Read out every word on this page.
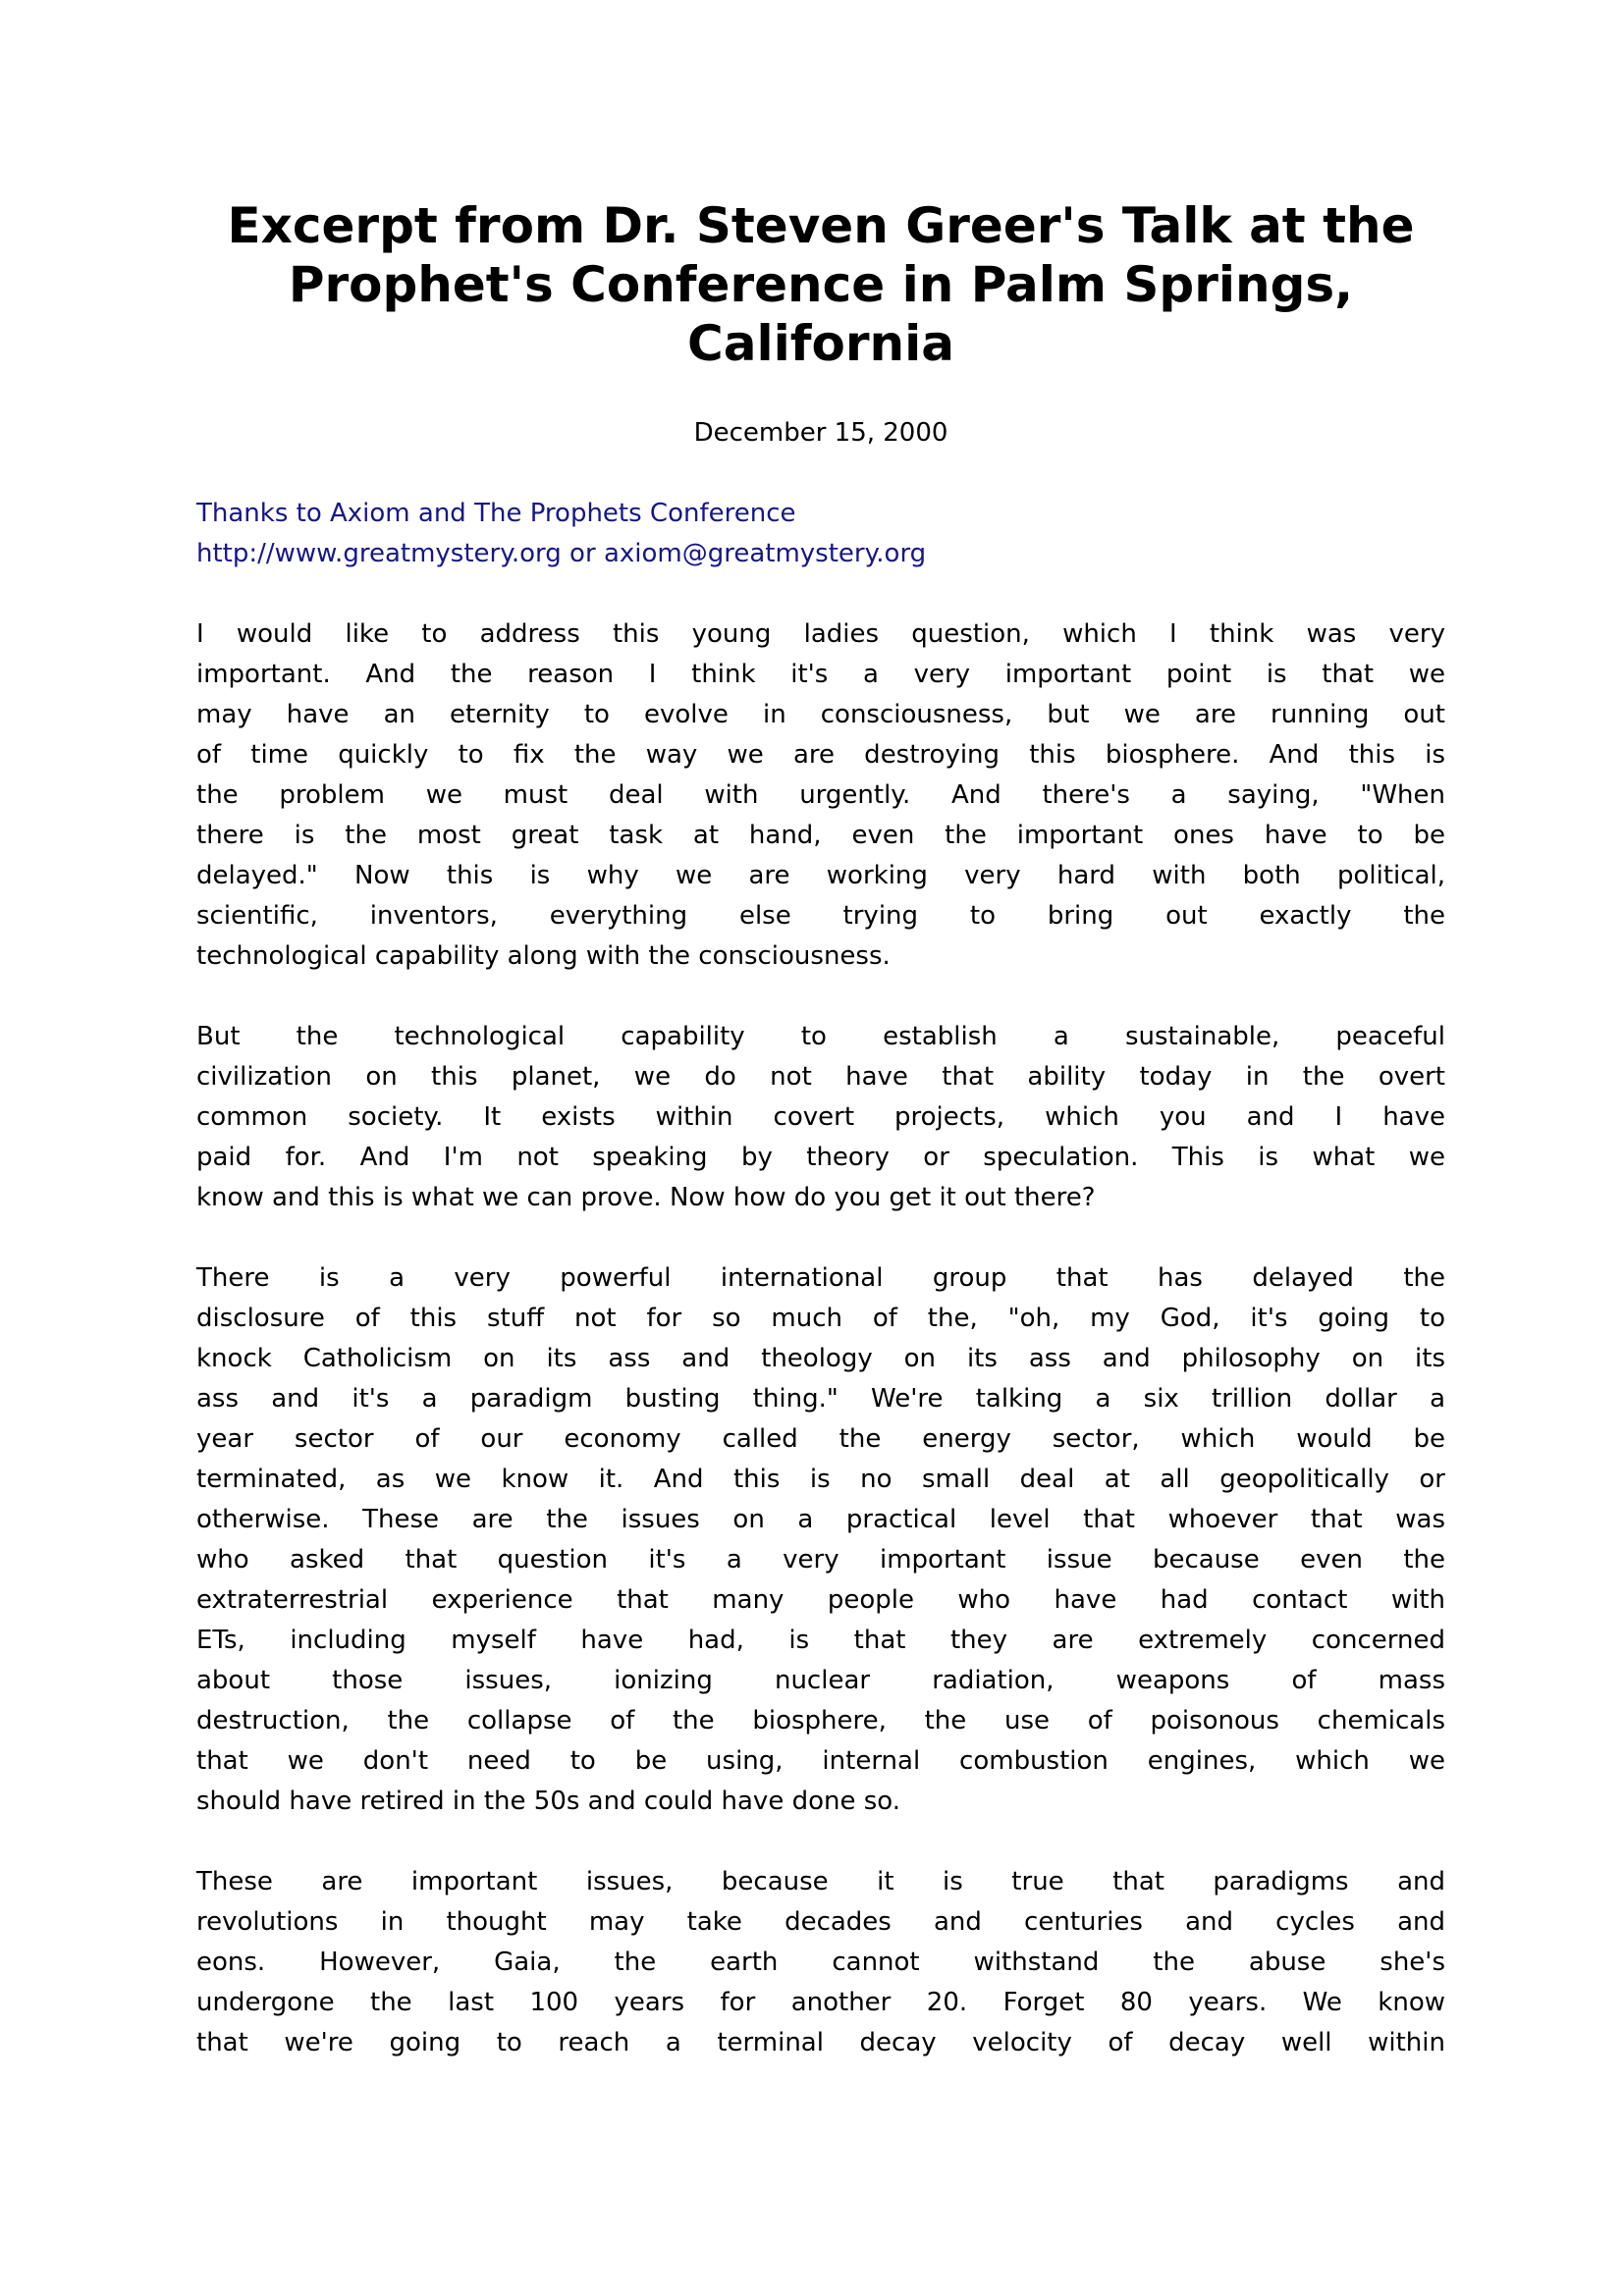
Excerpt from Dr. Steven Greer's Talk at the
Prophet's Conference in Palm Springs,
California
December 15, 2000
Thanks to Axiom and The Prophets Conference
http://www.greatmystery.org or axiom@greatmystery.org
I would like to address this young ladies question, which I think was very
important. And the reason I think it's a very important point is that we
may have an eternity to evolve in consciousness, but we are running out
of time quickly to fix the way we are destroying this biosphere. And this is
the problem we must deal with urgently. And there's a saying, "When
there is the most great task at hand, even the important ones have to be
delayed." Now this is why we are working very hard with both political,
scientific, inventors, everything else trying to bring out exactly the
technological capability along with the consciousness.
But the technological capability to establish a sustainable, peaceful
civilization on this planet, we do not have that ability today in the overt
common society. It exists within covert projects, which you and I have
paid for. And I'm not speaking by theory or speculation. This is what we
know and this is what we can prove. Now how do you get it out there?
There is a very powerful international group that has delayed the
disclosure of this stuff not for so much of the, "oh, my God, it's going to
knock Catholicism on its ass and theology on its ass and philosophy on its
ass and it's a paradigm busting thing." We're talking a six trillion dollar a
year sector of our economy called the energy sector, which would be
terminated, as we know it. And this is no small deal at all geopolitically or
otherwise. These are the issues on a practical level that whoever that was
who asked that question it's a very important issue because even the
extraterrestrial experience that many people who have had contact with
ETs, including myself have had, is that they are extremely concerned
about those issues, ionizing nuclear radiation, weapons of mass
destruction, the collapse of the biosphere, the use of poisonous chemicals
that we don't need to be using, internal combustion engines, which we
should have retired in the 50s and could have done so.
These are important issues, because it is true that paradigms and
revolutions in thought may take decades and centuries and cycles and
eons. However, Gaia, the earth cannot withstand the abuse she's
undergone the last 100 years for another 20. Forget 80 years. We know
that we're going to reach a terminal decay velocity of decay well within
